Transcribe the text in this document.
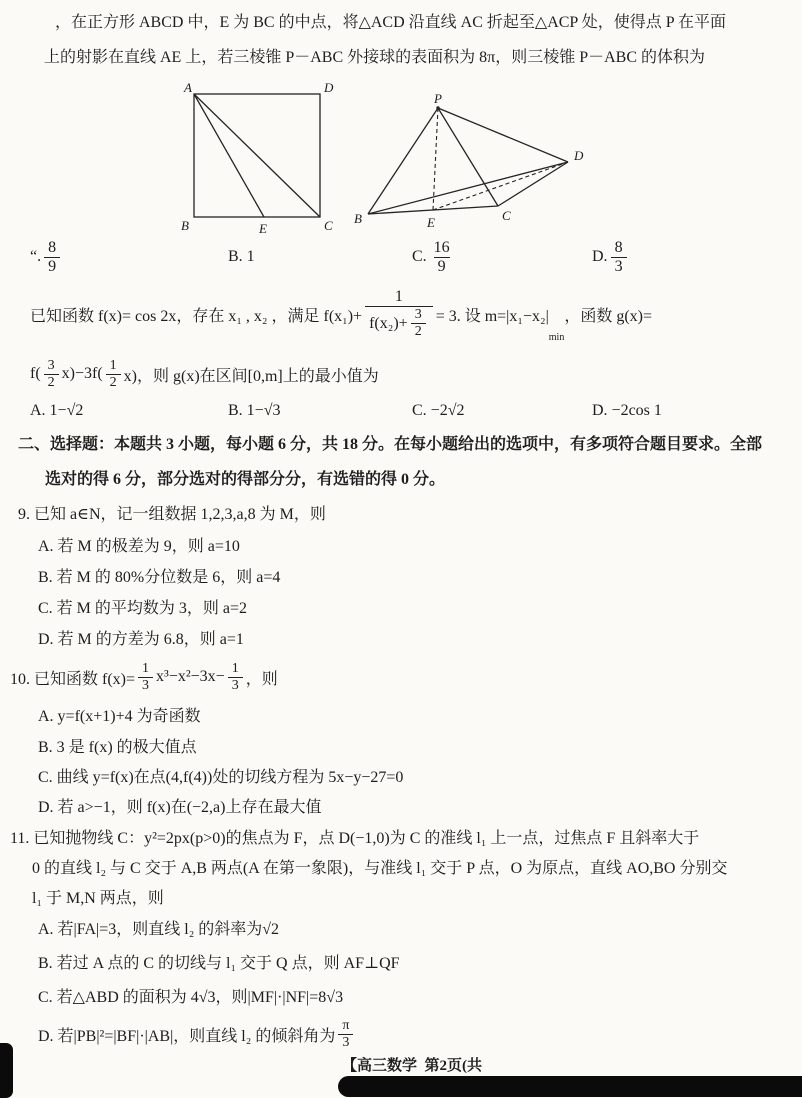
，在正方形 ABCD 中，E 为 BC 的中点，将△ACD 沿直线 AC 折起至△ACP 处，使得点 P 在平面
上的射影在直线 AE 上，若三棱锥 P－ABC 外接球的表面积为 8π，则三棱锥 P－ABC 的体积为
A	D
B	E	C
P
B	E	C
D
“. $\frac{8}{9}$	B. 1	C. $\frac{16}{9}$	D. $\frac{8}{3}$
已知函数 f(x)= cos 2x，存在 x₁ , x₂ ，满足 $f(x_1)+ \frac{1}{f(x_2)+ \frac{3}{2}} = 3$. 设 m=|x₁−x₂|
min
，函数 g(x)=
$f( \frac{3}{2} x)-3f( \frac{1}{2} x)$，则 g(x)在区间[0,m]上的最小值为
A. 1−√2	B. 1−√3	C. −2√2	D. −2cos 1
二、选择题：本题共 3 小题，每小题 6 分，共 18 分。在每小题给出的选项中，有多项符合题目要求。全部
选对的得 6 分，部分选对的得部分分，有选错的得 0 分。
9. 已知 a∈N，记一组数据 1,2,3,a,8 为 M，则
A. 若 M 的极差为 9，则 a=10
B. 若 M 的 80%分位数是 6，则 a=4
C. 若 M 的平均数为 3，则 a=2
D. 若 M 的方差为 6.8，则 a=1
10. 已知函数 $f(x)= \frac{1}{3} x^3-x^2-3x- \frac{1}{3}$ ，则
A. y=f(x+1)+4 为奇函数
B. 3 是 f(x) 的极大值点
C. 曲线 y=f(x)在点(4,f(4))处的切线方程为 5x−y−27=0
D. 若 a>−1，则 f(x)在(−2,a)上存在最大值
11. 已知抛物线 C：y²=2px(p>0)的焦点为 F，点 D(−1,0)为 C 的准线 l₁ 上一点，过焦点 F 且斜率大于
0 的直线 l₂ 与 C 交于 A,B 两点(A 在第一象限)，与准线 l₁ 交于 P 点，O 为原点，直线 AO,BO 分别交
l₁ 于 M,N 两点，则
A. 若|FA|=3，则直线 l₂ 的斜率为√2
B. 若过 A 点的 C 的切线与 l₁ 交于 Q 点，则 AF⊥QF
C. 若△ABD 的面积为 4√3，则|MF|·|NF|=8√3
D. 若|PB|²=|BF|·|AB|，则直线 l₂ 的倾斜角为 $\frac{\pi}{3}$
【高三数学  第2页(共
